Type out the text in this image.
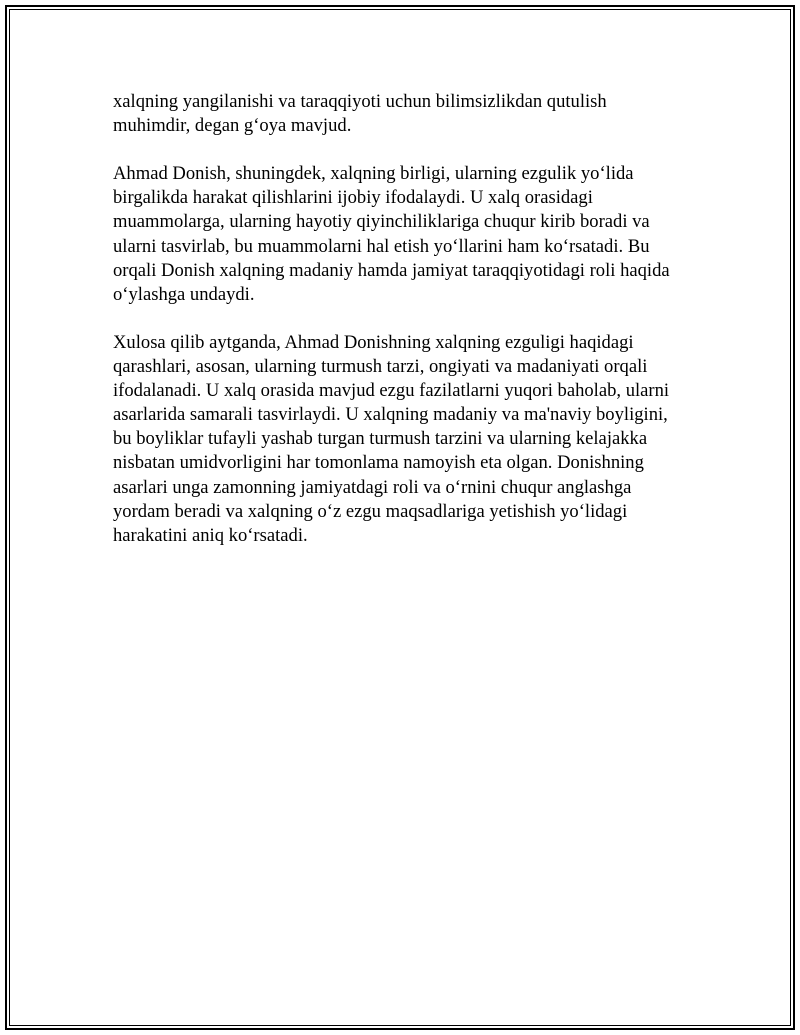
xalqning yangilanishi va taraqqiyoti uchun bilimsizlikdan qutulish
muhimdir, degan g‘oya mavjud.

Ahmad Donish, shuningdek, xalqning birligi, ularning ezgulik yo‘lida
birgalikda harakat qilishlarini ijobiy ifodalaydi. U xalq orasidagi
muammolarga, ularning hayotiy qiyinchiliklariga chuqur kirib boradi va
ularni tasvirlab, bu muammolarni hal etish yo‘llarini ham ko‘rsatadi. Bu
orqali Donish xalqning madaniy hamda jamiyat taraqqiyotidagi roli haqida
o‘ylashga undaydi.

Xulosa qilib aytganda, Ahmad Donishning xalqning ezguligi haqidagi
qarashlari, asosan, ularning turmush tarzi, ongiyati va madaniyati orqali
ifodalanadi. U xalq orasida mavjud ezgu fazilatlarni yuqori baholab, ularni
asarlarida samarali tasvirlaydi. U xalqning madaniy va ma'naviy boyligini,
bu boyliklar tufayli yashab turgan turmush tarzini va ularning kelajakka
nisbatan umidvorligini har tomonlama namoyish eta olgan. Donishning
asarlari unga zamonning jamiyatdagi roli va o‘rnini chuqur anglashga
yordam beradi va xalqning o‘z ezgu maqsadlariga yetishish yo‘lidagi
harakatini aniq ko‘rsatadi.
